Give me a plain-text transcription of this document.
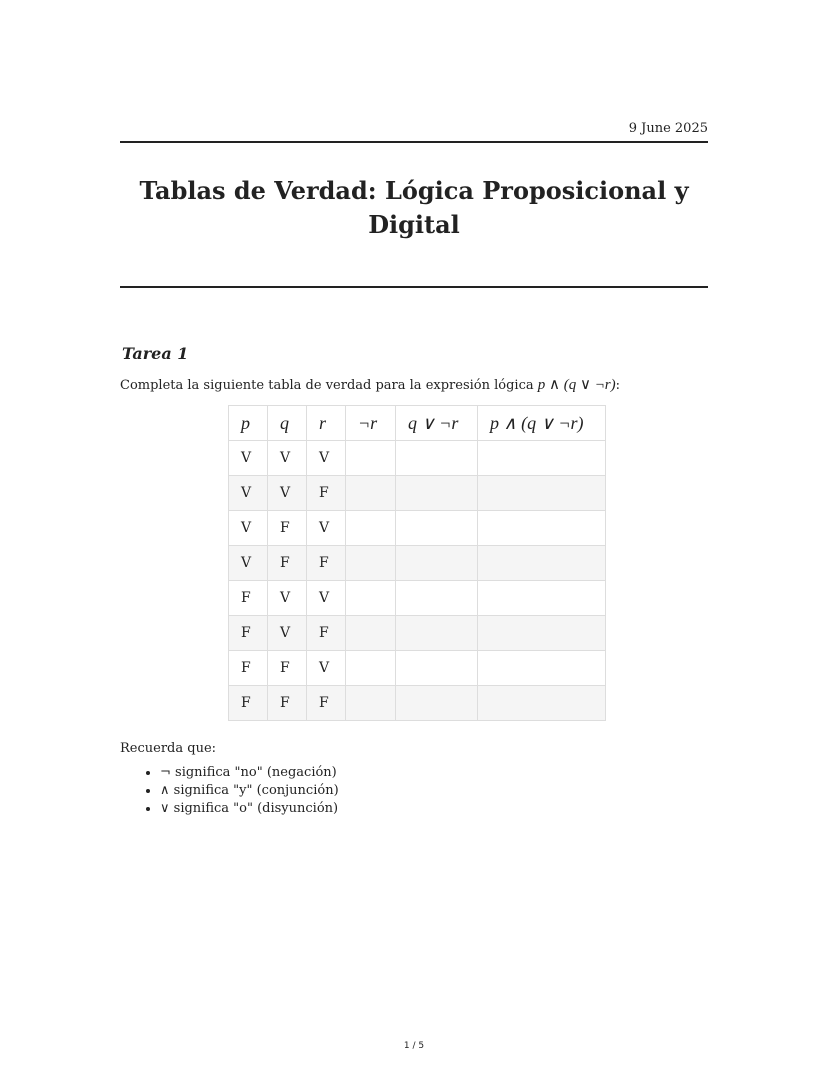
9 June 2025
Tablas de Verdad: Lógica Proposicional y Digital
Tarea 1
Completa la siguiente tabla de verdad para la expresión lógica p ∧ (q ∨ ¬r):
p	q	r	¬r	q ∨ ¬r	p ∧ (q ∨ ¬r)
V	V	V			
V	V	F			
V	F	V			
V	F	F			
F	V	V			
F	V	F			
F	F	V			
F	F	F			
Recuerda que:
• ¬ significa "no" (negación)
• ∧ significa "y" (conjunción)
• ∨ significa "o" (disyunción)
1 / 5
